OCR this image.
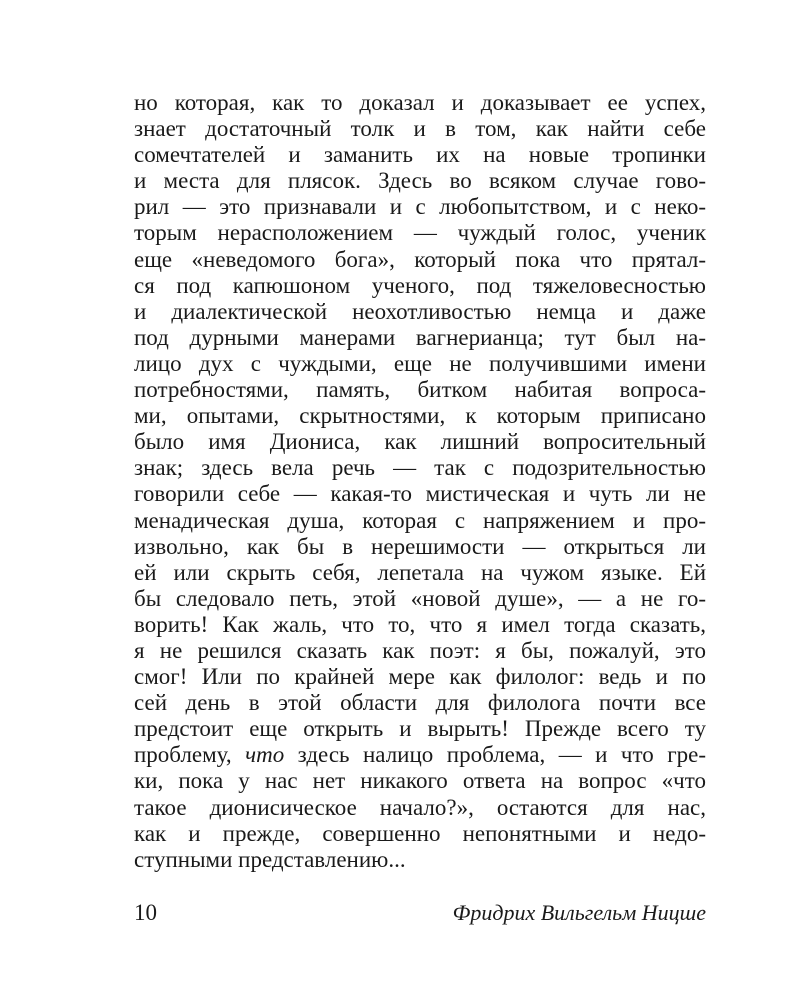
но которая, как то доказал и доказывает ее успех,
знает достаточный толк и в том, как найти себе
сомечтателей и заманить их на новые тропинки
и места для плясок. Здесь во всяком случае гово-
рил — это признавали и с любопытством, и с неко-
торым нерасположением — чуждый голос, ученик
еще «неведомого бога», который пока что прятал-
ся под капюшоном ученого, под тяжеловесностью
и диалектической неохотливостью немца и даже
под дурными манерами вагнерианца; тут был на-
лицо дух с чуждыми, еще не получившими имени
потребностями, память, битком набитая вопроса-
ми, опытами, скрытностями, к которым приписано
было имя Диониса, как лишний вопросительный
знак; здесь вела речь — так с подозрительностью
говорили себе — какая-то мистическая и чуть ли не
менадическая душа, которая с напряжением и про-
извольно, как бы в нерешимости — открыться ли
ей или скрыть себя, лепетала на чужом языке. Ей
бы следовало петь, этой «новой душе», — а не го-
ворить! Как жаль, что то, что я имел тогда сказать,
я не решился сказать как поэт: я бы, пожалуй, это
смог! Или по крайней мере как филолог: ведь и по
сей день в этой области для филолога почти все
предстоит еще открыть и вырыть! Прежде всего ту
проблему, что здесь налицо проблема, — и что гре-
ки, пока у нас нет никакого ответа на вопрос «что
такое дионисическое начало?», остаются для нас,
как и прежде, совершенно непонятными и недо-
ступными представлению...
10	Фридрих Вильгельм Ницше
